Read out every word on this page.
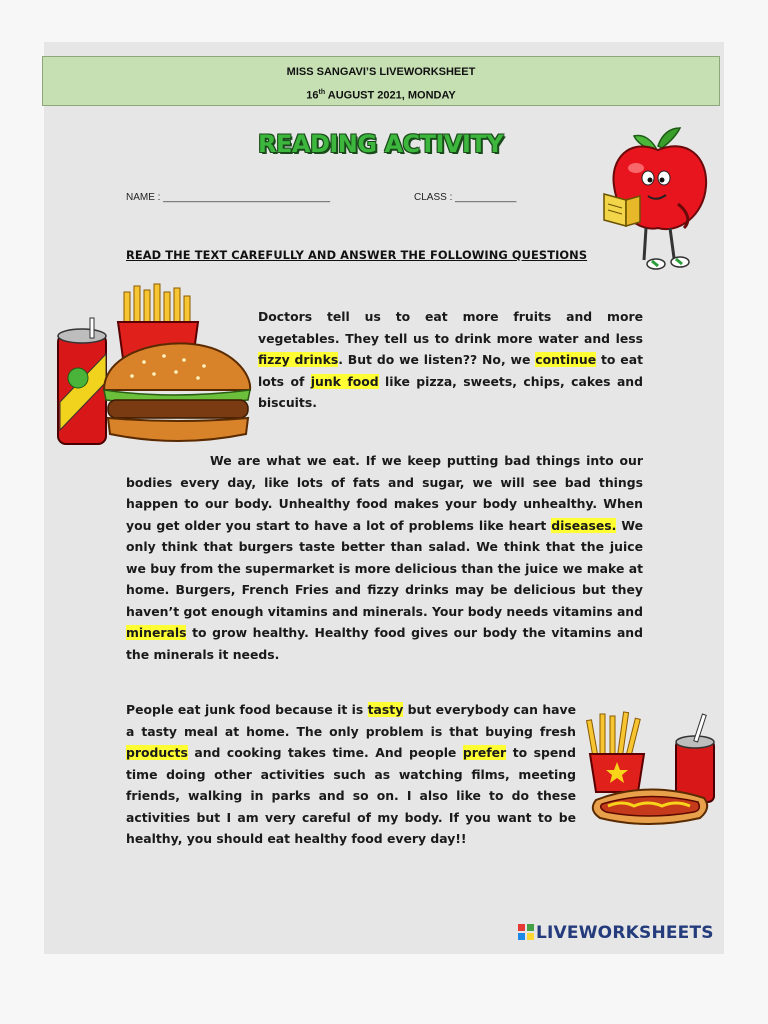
MISS SANGAVI’S LIVEWORKSHEET
16th AUGUST 2021, MONDAY
READING ACTIVITY
NAME : ______________________________	CLASS : ___________
READ THE TEXT CAREFULLY AND ANSWER THE FOLLOWING QUESTIONS
Doctors tell us to eat more fruits and more vegetables. They tell us to drink more water and less fizzy drinks. But do we listen?? No, we continue to eat lots of junk food like pizza, sweets, chips, cakes and biscuits.
We are what we eat. If we keep putting bad things into our bodies every day, like lots of fats and sugar, we will see bad things happen to our body. Unhealthy food makes your body unhealthy. When you get older you start to have a lot of problems like heart diseases. We only think that burgers taste better than salad. We think that the juice we buy from the supermarket is more delicious than the juice we make at home. Burgers, French Fries and fizzy drinks may be delicious but they haven’t got enough vitamins and minerals. Your body needs vitamins and minerals to grow healthy. Healthy food gives our body the vitamins and the minerals it needs.
People eat junk food because it is tasty but everybody can have a tasty meal at home. The only problem is that buying fresh products and cooking takes time. And people prefer to spend time doing other activities such as watching films, meeting friends, walking in parks and so on. I also like to do these activities but I am very careful of my body. If you want to be healthy, you should eat healthy food every day!!
LIVEWORKSHEETS
